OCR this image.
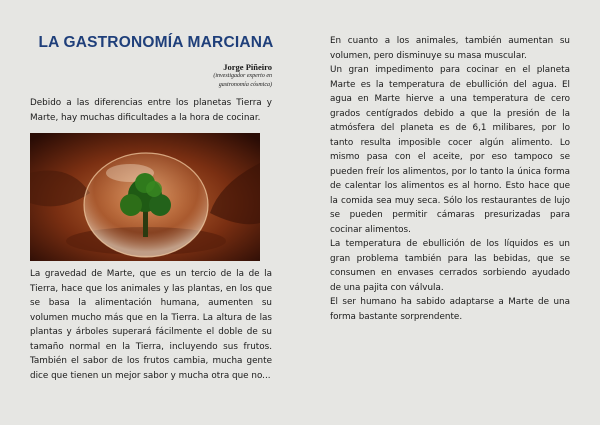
LA GASTRONOMÍA MARCIANA
Jorge Piñeiro
(investigador experto en
gastronomía cósmica)

Debido a las diferencias entre los planetas Tierra y Marte, hay muchas dificultades a la hora de cocinar.

La gravedad de Marte, que es un tercio de la de la Tierra, hace que los animales y las plantas, en los que se basa la alimentación humana, aumenten su volumen mucho más que en la Tierra. La altura de las plantas y árboles superará fácilmente el doble de su tamaño normal en la Tierra, incluyendo sus frutos. También el sabor de los frutos cambia, mucha gente dice que tienen un mejor sabor y mucha otra que no...

En cuanto a los animales, también aumentan su volumen, pero disminuye su masa muscular.

Un gran impedimento para cocinar en el planeta Marte es la temperatura de ebullición del agua. El agua en Marte hierve a una temperatura de cero grados centígrados debido a que la presión de la atmósfera del planeta es de 6,1 milibares, por lo tanto resulta imposible cocer algún alimento. Lo mismo pasa con el aceite, por eso tampoco se pueden freír los alimentos, por lo tanto la única forma de calentar los alimentos es al horno. Esto hace que la comida sea muy seca. Sólo los restaurantes de lujo se pueden permitir cámaras presurizadas para cocinar alimentos.

La temperatura de ebullición de los líquidos es un gran problema también para las bebidas, que se consumen en envases cerrados sorbiendo ayudado de una pajita con válvula.

El ser humano ha sabido adaptarse a Marte de una forma bastante sorprendente.
